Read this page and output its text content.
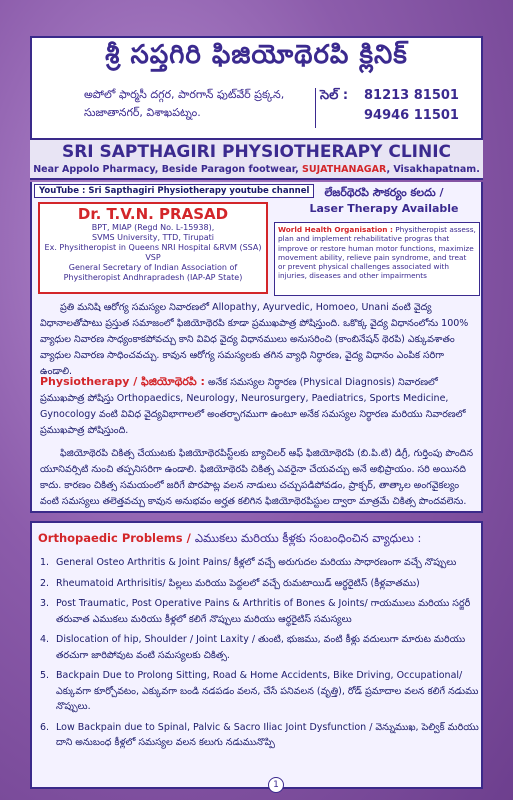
శ్రీ సప్తగిరి ఫిజియోథెరపి క్లినిక్
అపోలో ఫార్మసీ దగ్గర, పారగాన్ ఫుట్‌వేర్ ప్రక్కన, సుజాతానగర్, విశాఖపట్నం.
సెల్ : 81213 81501
94946 11501
SRI SAPTHAGIRI PHYSIOTHERAPY CLINIC
Near Appolo Pharmacy, Beside Paragon footwear, SUJATHANAGAR, Visakhapatnam.
YouTube : Sri Sapthagiri Physiotherapy youtube channel
Dr. T.V.N. PRASAD
BPT, MIAP (Regd No. L-15938),
SVMS University, TTD, Tirupati
Ex. Physitheropist in Queens NRI Hospital &RVM (SSA) VSP
General Secretary of Indian Association of
Physitheropist Andhrapradesh (IAP-AP State)
లేజర్‌థెరపి సౌకర్యం కలదు /
Laser Therapy Available
World Health Organisation : Physitheropist assess, plan and implement rehabilitative progras that improve or restore human motor functions, maximize movement ability, relieve pain syndrome, and treat or prevent physical challenges associated with injuries, diseases and other impairments
ప్రతి మనిషి ఆరోగ్య సమస్యల నివారణలో Allopathy, Ayurvedic, Homoeo, Unani వంటి వైద్య విధానాలతోపాటు ప్రస్తుత సమాజంలో ఫిజియోథెరపి కూడా ప్రముఖపాత్ర పోషిస్తుంది. ఒకొక్క వైద్య విధానంలోను 100% వ్యాధుల నివారణ సాధ్యంకాకపోవచ్చు కాని వివిధ వైద్య విధానములు అనుసరించి (కాంబినేషన్ థెరపి) ఎక్కువశాతం వ్యాధుల నివారణ సాధించవచ్చు. కావున ఆరోగ్య సమస్యలకు తగిన వ్యాధి నిర్ధారణ, వైద్య విధానం ఎంపిక సరిగా ఉండాలి.
Physiotherapy / ఫిజియోథెరపి : అనేక సమస్యల నిర్ధారణ (Physical Diagnosis) నివారణలో ప్రముఖపాత్ర పోషిస్తు Orthopaedics, Neurology, Neurosurgery, Paediatrics, Sports Medicine, Gynocology వంటి వివిధ వైద్యవిభాగాలలో అంతర్భాగముగా ఉంటూ అనేక సమస్యల నిర్ధారణ మరియు నివారణలో ప్రముఖపాత్ర పోషిస్తుంది.
ఫిజియోథెరపి చికిత్స చేయుటకు ఫిజియోథెరపిస్ట్‌లకు బ్యాచిలర్ ఆఫ్ ఫిజియోథెరపి (బి.పి.టి) డిగ్రీ, గుర్తింపు పొందిన యూనివర్సిటి నుంచి తప్పనిసరిగా ఉండాలి. ఫిజియోథెరపి చికిత్స ఎవరైనా చేయవచ్చు అనే అభిప్రాయం. సరి అయినది కాదు. కారణం చికిత్స సమయంలో జరిగే పొరపాట్ల వలన నాడులు చచ్చుపడిపోవడం, ప్రాక్చర్, తాత్కాల అంగవైకల్యం వంటి సమస్యలు తలెత్తవచ్చు కావున అనుభవం అర్హత కలిగిన ఫిజియోథెరపిస్టుల ద్వారా మాత్రమే చికిత్స పొందవలెను.
Orthopaedic Problems / ఎముకలు మరియు కీళ్లకు సంబంధించిన వ్యాధులు :
1. General Osteo Arthritis & Joint Pains/ కీళ్లలో వచ్చే అరుగుదల మరియు సాధారణంగా వచ్చే నొప్పులు
2. Rheumatoid Arthrisitis/ పిల్లలు మరియు పెద్దలలో వచ్చే రుమటాయిడ్ ఆర్ధరైటిస్ (కీళ్లవాతము)
3. Post Traumatic, Post Operative Pains & Arthritis of Bones & Joints/ గాయములు మరియు సర్జరీ తరువాత ఎముకలు మరియు కీళ్లలో కలిగే నొప్పులు మరియు ఆర్ధరైటిస్ సమస్యలు
4. Dislocation of hip, Shoulder / Joint Laxity / తుంటి, భుజము, వంటి కీళ్లు వదులుగా మారుట మరియు తరచుగా జారిపోవుట వంటి సమస్యలకు చికిత్స.
5. Backpain Due to Prolong Sitting, Road & Home Accidents, Bike Driving, Occupational/ ఎక్కువగా కూర్చోవటం, ఎక్కువగా బండి నడపడం వలన, చేసే పనివలన (వృత్తి), రోడ్ ప్రమాదాల వలన కలిగే నడుము నొప్పులు.
6. Low Backpain due to Spinal, Palvic & Sacro Iliac Joint Dysfunction / వెన్నుముఖ, పెల్విక్ మరియు దాని అనుబంధ కీళ్లలో సమస్యల వలన కలుగు నడుమునొప్పి
1
